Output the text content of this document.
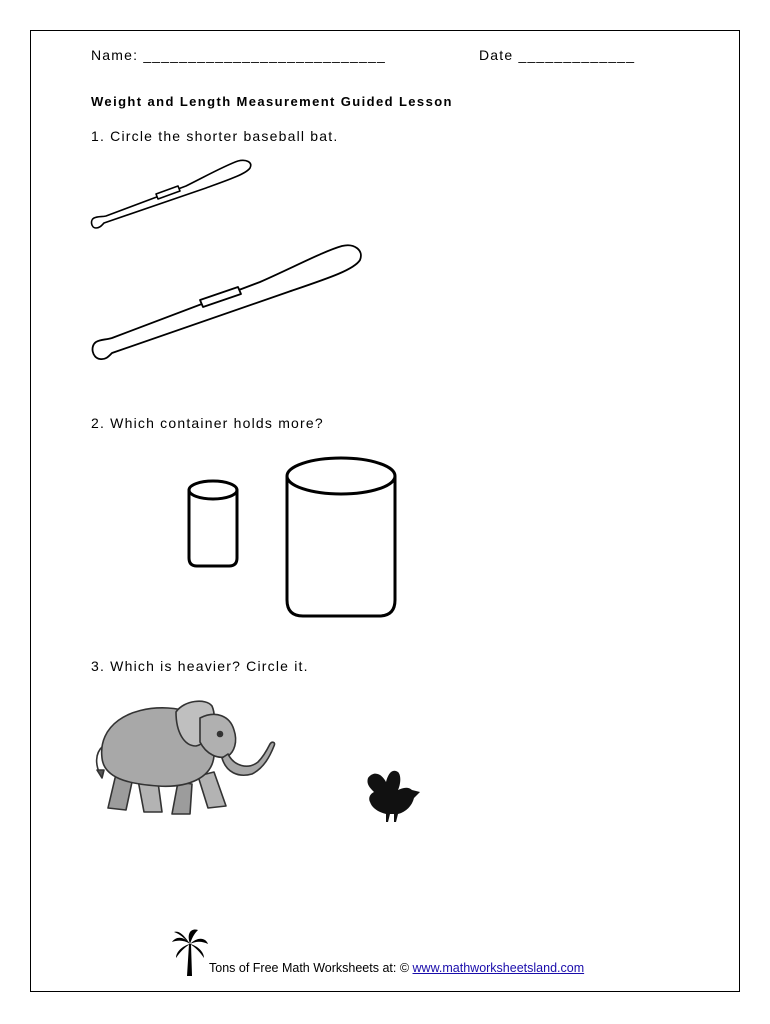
Name: ___________________________	Date _____________
Weight and Length Measurement Guided Lesson
1. Circle the shorter baseball bat.
2. Which container holds more?
3. Which is heavier? Circle it.
Tons of Free Math Worksheets at: © www.mathworksheetsland.com
